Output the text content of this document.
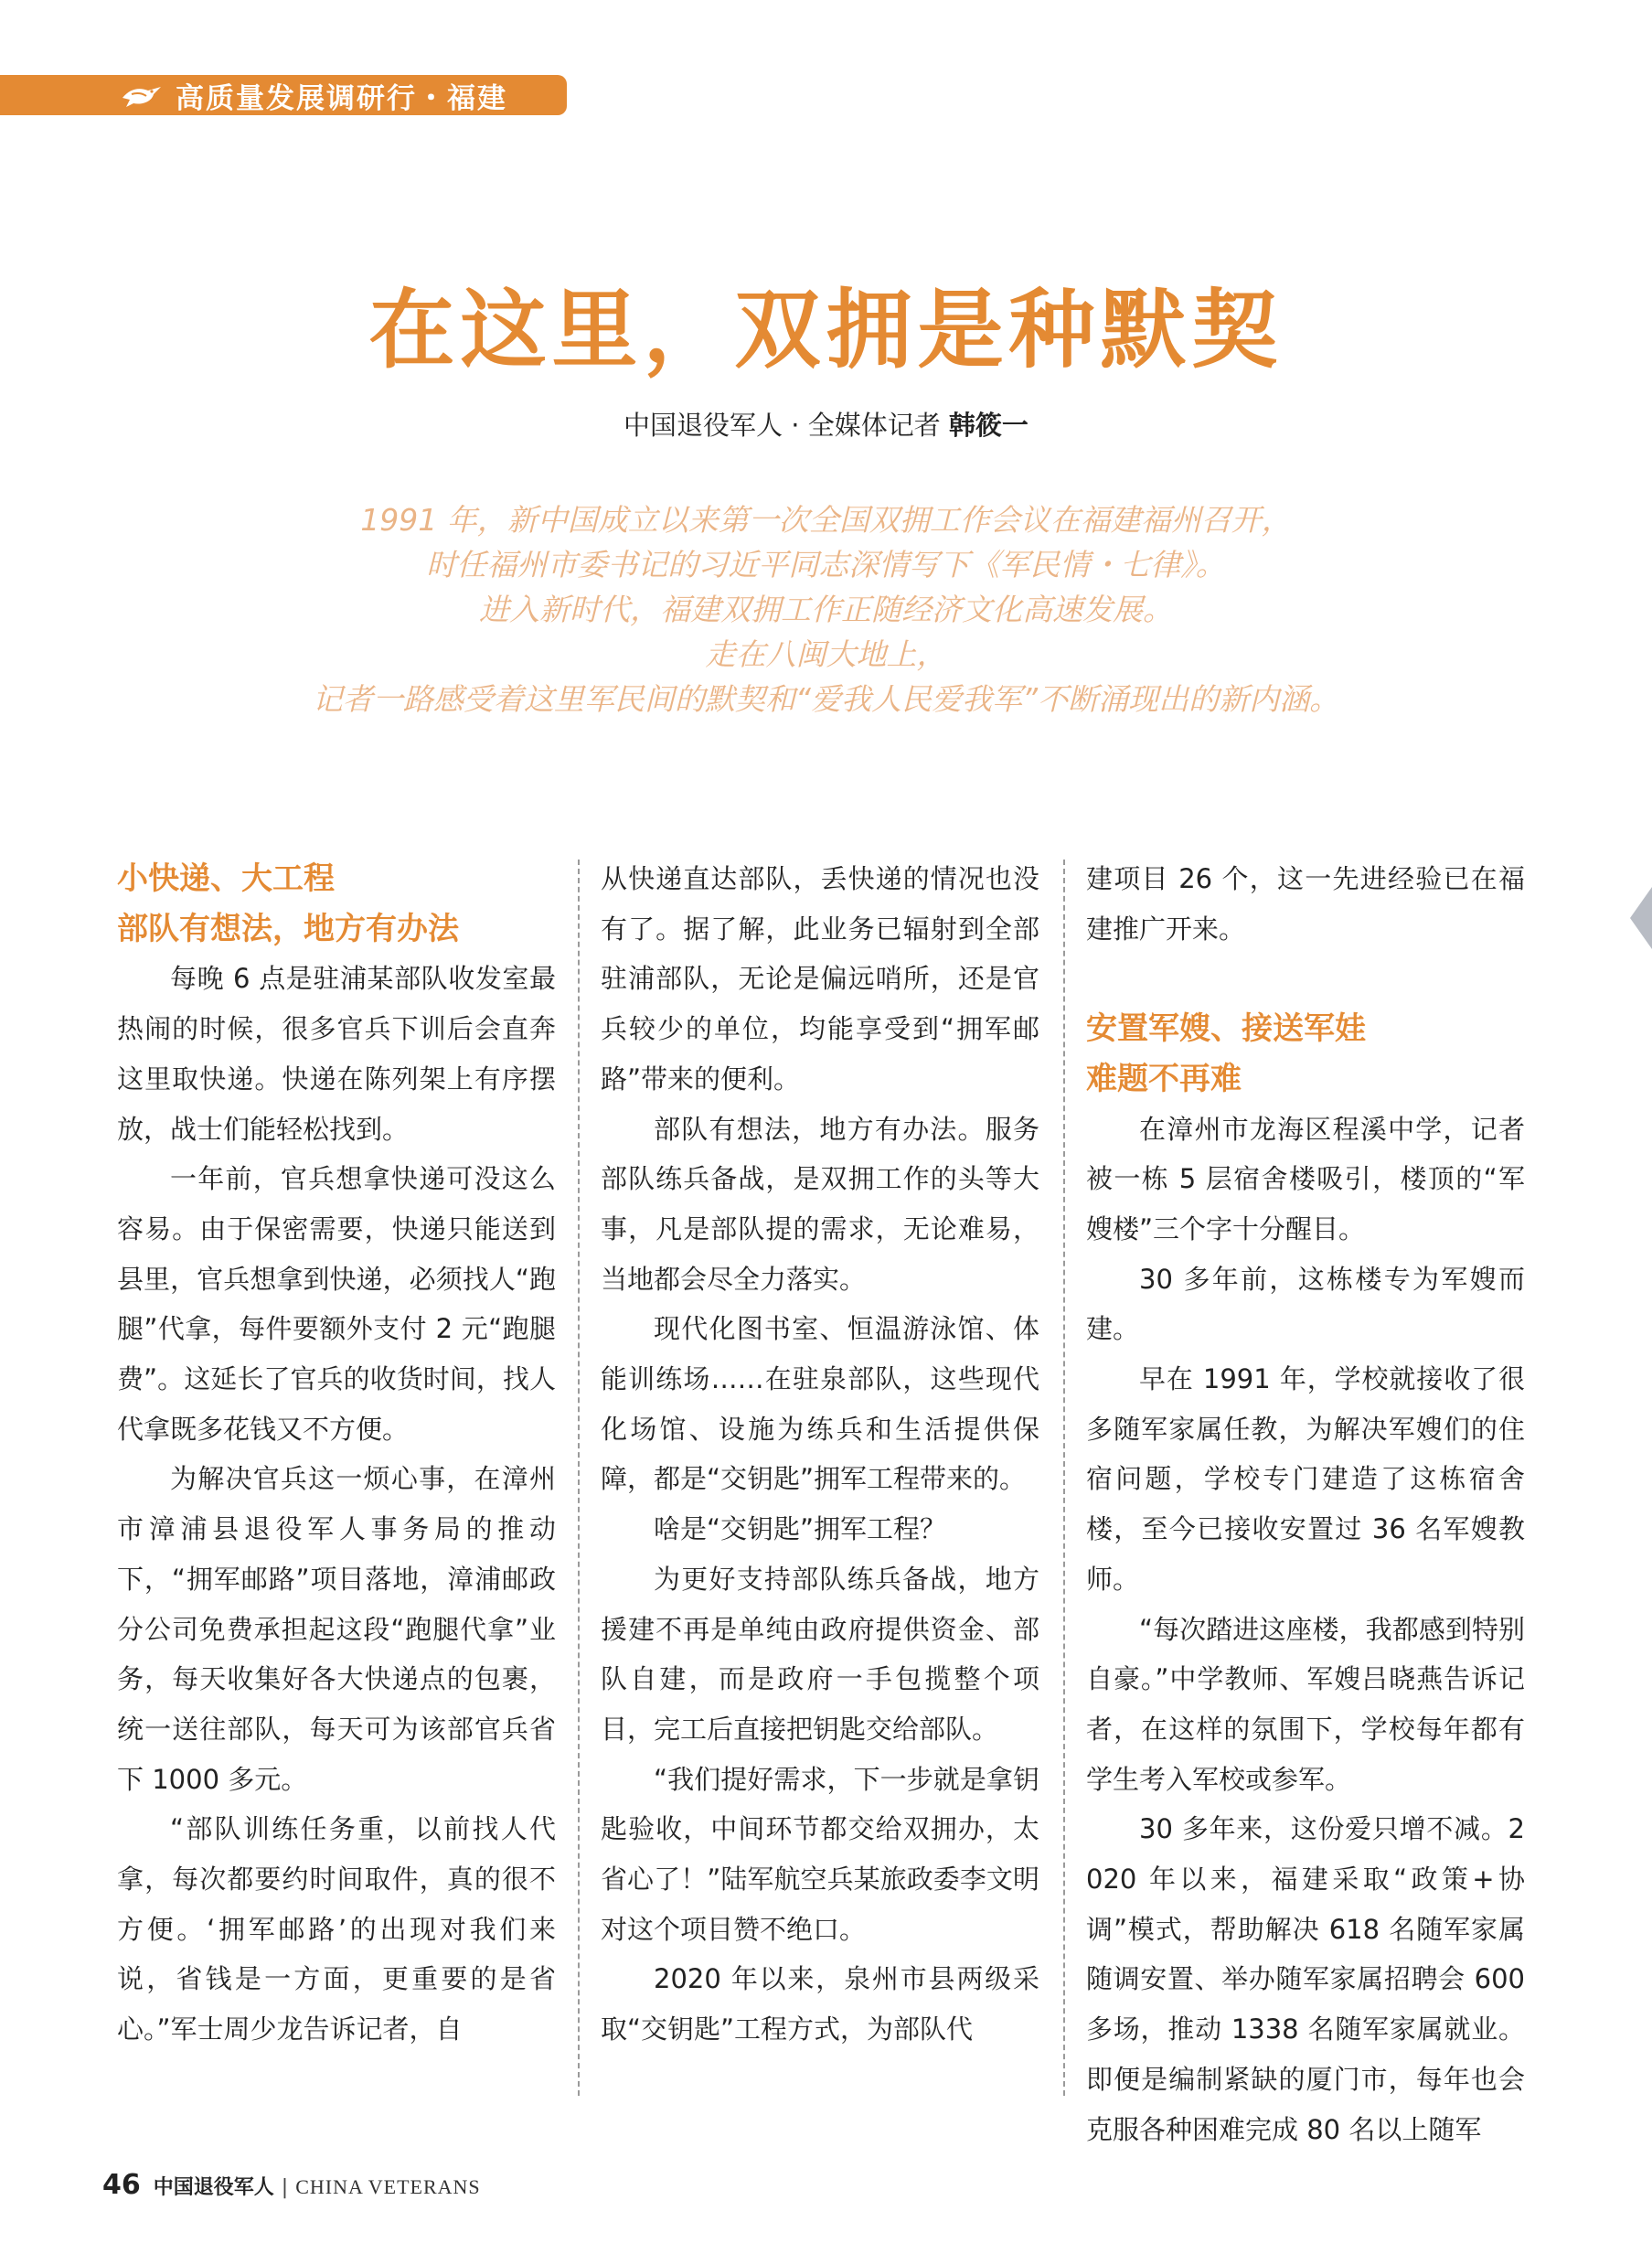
高质量发展调研行・福建
在这里，双拥是种默契
中国退役军人 · 全媒体记者 韩筱一
1991 年，新中国成立以来第一次全国双拥工作会议在福建福州召开，
时任福州市委书记的习近平同志深情写下《军民情・七律》。
进入新时代，福建双拥工作正随经济文化高速发展。
走在八闽大地上，
记者一路感受着这里军民间的默契和“爱我人民爱我军”不断涌现出的新内涵。

小快递、大工程

部队有想法，地方有办法

每晚 6 点是驻浦某部队收发室最热闹的时候，很多官兵下训后会直奔这里取快递。快递在陈列架上有序摆放，战士们能轻松找到。

一年前，官兵想拿快递可没这么容易。由于保密需要，快递只能送到县里，官兵想拿到快递，必须找人“跑腿”代拿，每件要额外支付 2 元“跑腿费”。这延长了官兵的收货时间，找人代拿既多花钱又不方便。

为解决官兵这一烦心事，在漳州市漳浦县退役军人事务局的推动下，“拥军邮路”项目落地，漳浦邮政分公司免费承担起这段“跑腿代拿”业务，每天收集好各大快递点的包裹，统一送往部队，每天可为该部官兵省下 1000 多元。

“部队训练任务重，以前找人代拿，每次都要约时间取件，真的很不方便。‘拥军邮路’的出现对我们来说，省钱是一方面，更重要的是省心。”军士周少龙告诉记者，自

从快递直达部队，丢快递的情况也没有了。据了解，此业务已辐射到全部驻浦部队，无论是偏远哨所，还是官兵较少的单位，均能享受到“拥军邮路”带来的便利。

部队有想法，地方有办法。服务部队练兵备战，是双拥工作的头等大事，凡是部队提的需求，无论难易，当地都会尽全力落实。

现代化图书室、恒温游泳馆、体能训练场……在驻泉部队，这些现代化场馆、设施为练兵和生活提供保障，都是“交钥匙”拥军工程带来的。

啥是“交钥匙”拥军工程？

为更好支持部队练兵备战，地方援建不再是单纯由政府提供资金、部队自建，而是政府一手包揽整个项目，完工后直接把钥匙交给部队。

“我们提好需求，下一步就是拿钥匙验收，中间环节都交给双拥办，太省心了！”陆军航空兵某旅政委李文明对这个项目赞不绝口。

2020 年以来，泉州市县两级采取“交钥匙”工程方式，为部队代

建项目 26 个，这一先进经验已在福建推广开来。

安置军嫂、接送军娃

难题不再难

在漳州市龙海区程溪中学，记者被一栋 5 层宿舍楼吸引，楼顶的“军嫂楼”三个字十分醒目。

30 多年前，这栋楼专为军嫂而建。

早在 1991 年，学校就接收了很多随军家属任教，为解决军嫂们的住宿问题，学校专门建造了这栋宿舍楼，至今已接收安置过 36 名军嫂教师。

“每次踏进这座楼，我都感到特别自豪。”中学教师、军嫂吕晓燕告诉记者，在这样的氛围下，学校每年都有学生考入军校或参军。

30 多年来，这份爱只增不减。2020 年以来，福建采取“政策+协调”模式，帮助解决 618 名随军家属随调安置、举办随军家属招聘会 600 多场，推动 1338 名随军家属就业。即便是编制紧缺的厦门市，每年也会克服各种困难完成 80 名以上随军

46 中国退役军人 | CHINA VETERANS
